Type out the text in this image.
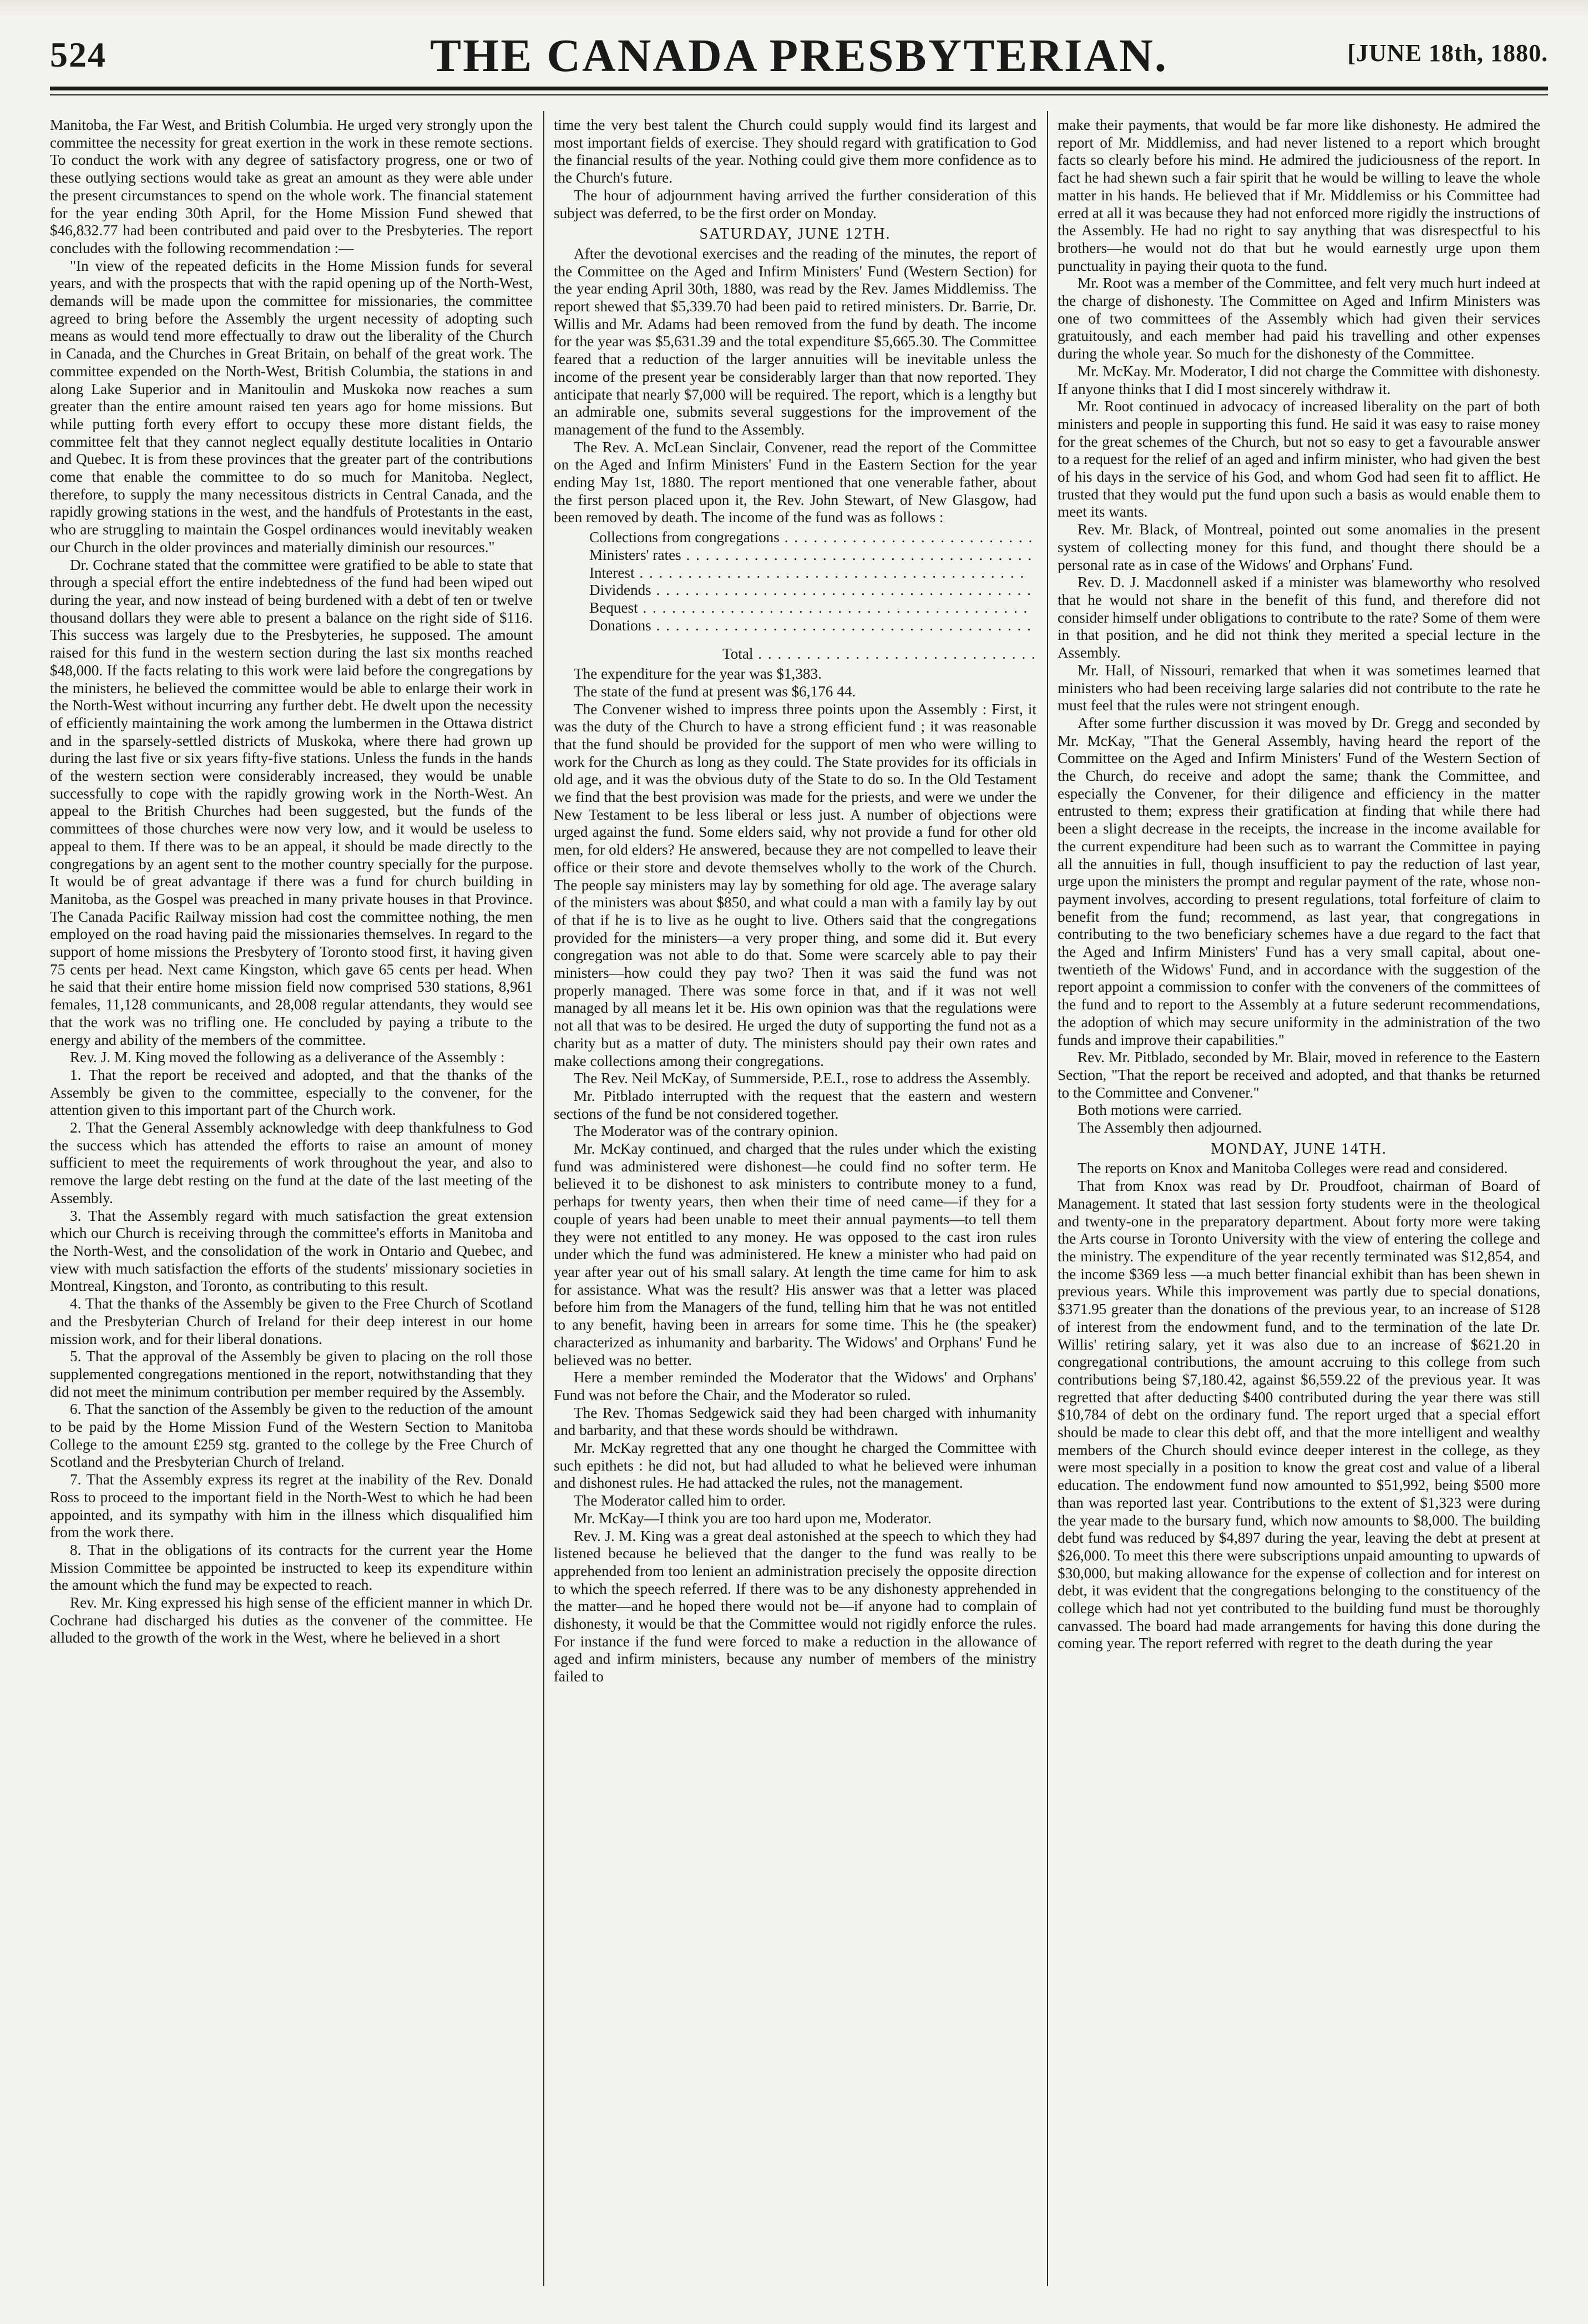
524	THE CANADA PRESBYTERIAN.	[JUNE 18th, 1880.

Manitoba, the Far West, and British Columbia. He urged very strongly upon the committee the necessity for great exertion in the work in these remote sections. To conduct the work with any degree of satisfactory progress, one or two of these outlying sections would take as great an amount as they were able under the present circumstances to spend on the whole work. The financial statement for the year ending 30th April, for the Home Mission Fund shewed that $46,832.77 had been contributed and paid over to the Presbyteries. The report concludes with the following recommendation :—

"In view of the repeated deficits in the Home Mission funds for several years, and with the prospects that with the rapid opening up of the North-West, demands will be made upon the committee for missionaries, the committee agreed to bring before the Assembly the urgent necessity of adopting such means as would tend more effectually to draw out the liberality of the Church in Canada, and the Churches in Great Britain, on behalf of the great work. The committee expended on the North-West, British Columbia, the stations in and along Lake Superior and in Manitoulin and Muskoka now reaches a sum greater than the entire amount raised ten years ago for home missions. But while putting forth every effort to occupy these more distant fields, the committee felt that they cannot neglect equally destitute localities in Ontario and Quebec. It is from these provinces that the greater part of the contributions come that enable the committee to do so much for Manitoba. Neglect, therefore, to supply the many necessitous districts in Central Canada, and the rapidly growing stations in the west, and the handfuls of Protestants in the east, who are struggling to maintain the Gospel ordinances would inevitably weaken our Church in the older provinces and materially diminish our resources."

Dr. Cochrane stated that the committee were gratified to be able to state that through a special effort the entire indebtedness of the fund had been wiped out during the year, and now instead of being burdened with a debt of ten or twelve thousand dollars they were able to present a balance on the right side of $116. This success was largely due to the Presbyteries, he supposed. The amount raised for this fund in the western section during the last six months reached $48,000. If the facts relating to this work were laid before the congregations by the ministers, he believed the committee would be able to enlarge their work in the North-West without incurring any further debt. He dwelt upon the necessity of efficiently maintaining the work among the lumbermen in the Ottawa district and in the sparsely-settled districts of Muskoka, where there had grown up during the last five or six years fifty-five stations. Unless the funds in the hands of the western section were considerably increased, they would be unable successfully to cope with the rapidly growing work in the North-West. An appeal to the British Churches had been suggested, but the funds of the committees of those churches were now very low, and it would be useless to appeal to them. If there was to be an appeal, it should be made directly to the congregations by an agent sent to the mother country specially for the purpose. It would be of great advantage if there was a fund for church building in Manitoba, as the Gospel was preached in many private houses in that Province. The Canada Pacific Railway mission had cost the committee nothing, the men employed on the road having paid the missionaries themselves. In regard to the support of home missions the Presbytery of Toronto stood first, it having given 75 cents per head. Next came Kingston, which gave 65 cents per head. When he said that their entire home mission field now comprised 530 stations, 8,961 females, 11,128 communicants, and 28,008 regular attendants, they would see that the work was no trifling one. He concluded by paying a tribute to the energy and ability of the members of the committee.

Rev. J. M. King moved the following as a deliverance of the Assembly :

1. That the report be received and adopted, and that the thanks of the Assembly be given to the committee, especially to the convener, for the attention given to this important part of the Church work.

2. That the General Assembly acknowledge with deep thankfulness to God the success which has attended the efforts to raise an amount of money sufficient to meet the requirements of work throughout the year, and also to remove the large debt resting on the fund at the date of the last meeting of the Assembly.

3. That the Assembly regard with much satisfaction the great extension which our Church is receiving through the committee's efforts in Manitoba and the North-West, and the consolidation of the work in Ontario and Quebec, and view with much satisfaction the efforts of the students' missionary societies in Montreal, Kingston, and Toronto, as contributing to this result.

4. That the thanks of the Assembly be given to the Free Church of Scotland and the Presbyterian Church of Ireland for their deep interest in our home mission work, and for their liberal donations.

5. That the approval of the Assembly be given to placing on the roll those supplemented congregations mentioned in the report, notwithstanding that they did not meet the minimum contribution per member required by the Assembly.

6. That the sanction of the Assembly be given to the reduction of the amount to be paid by the Home Mission Fund of the Western Section to Manitoba College to the amount £259 stg. granted to the college by the Free Church of Scotland and the Presbyterian Church of Ireland.

7. That the Assembly express its regret at the inability of the Rev. Donald Ross to proceed to the important field in the North-West to which he had been appointed, and its sympathy with him in the illness which disqualified him from the work there.

8. That in the obligations of its contracts for the current year the Home Mission Committee be appointed be instructed to keep its expenditure within the amount which the fund may be expected to reach.

Rev. Mr. King expressed his high sense of the efficient manner in which Dr. Cochrane had discharged his duties as the convener of the committee. He alluded to the growth of the work in the West, where he believed in a short

time the very best talent the Church could supply would find its largest and most important fields of exercise. They should regard with gratification to God the financial results of the year. Nothing could give them more confidence as to the Church's future.

The hour of adjournment having arrived the further consideration of this subject was deferred, to be the first order on Monday.

SATURDAY, JUNE 12TH.

After the devotional exercises and the reading of the minutes, the report of the Committee on the Aged and Infirm Ministers' Fund (Western Section) for the year ending April 30th, 1880, was read by the Rev. James Middlemiss. The report shewed that $5,339.70 had been paid to retired ministers. Dr. Barrie, Dr. Willis and Mr. Adams had been removed from the fund by death. The income for the year was $5,631.39 and the total expenditure $5,665.30. The Committee feared that a reduction of the larger annuities will be inevitable unless the income of the present year be considerably larger than that now reported. They anticipate that nearly $7,000 will be required. The report, which is a lengthy but an admirable one, submits several suggestions for the improvement of the management of the fund to the Assembly.

The Rev. A. McLean Sinclair, Convener, read the report of the Committee on the Aged and Infirm Ministers' Fund in the Eastern Section for the year ending May 1st, 1880. The report mentioned that one venerable father, about the first person placed upon it, the Rev. John Stewart, of New Glasgow, had been removed by death. The income of the fund was as follows :

Collections from congregations . . .	
Ministers' rates . . .	
Interest . . .	
Dividends . . .	
Bequest . . .	
Donations . . .	
Total . . .	

The expenditure for the year was $1,383.

The state of the fund at present was $6,176 44.

The Convener wished to impress three points upon the Assembly : First, it was the duty of the Church to have a strong efficient fund ; it was reasonable that the fund should be provided for the support of men who were willing to work for the Church as long as they could. The State provides for its officials in old age, and it was the obvious duty of the State to do so. In the Old Testament we find that the best provision was made for the priests, and were we under the New Testament to be less liberal or less just. A number of objections were urged against the fund. Some elders said, why not provide a fund for other old men, for old elders? He answered, because they are not compelled to leave their office or their store and devote themselves wholly to the work of the Church. The people say ministers may lay by something for old age. The average salary of the ministers was about $850, and what could a man with a family lay by out of that if he is to live as he ought to live. Others said that the congregations provided for the ministers—a very proper thing, and some did it. But every congregation was not able to do that. Some were scarcely able to pay their ministers—how could they pay two? Then it was said the fund was not properly managed. There was some force in that, and if it was not well managed by all means let it be. His own opinion was that the regulations were not all that was to be desired. He urged the duty of supporting the fund not as a charity but as a matter of duty. The ministers should pay their own rates and make collections among their congregations.

The Rev. Neil McKay, of Summerside, P.E.I., rose to address the Assembly.

Mr. Pitblado interrupted with the request that the eastern and western sections of the fund be not considered together.

The Moderator was of the contrary opinion.

Mr. McKay continued, and charged that the rules under which the existing fund was administered were dishonest—he could find no softer term. He believed it to be dishonest to ask ministers to contribute money to a fund, perhaps for twenty years, then when their time of need came—if they for a couple of years had been unable to meet their annual payments—to tell them they were not entitled to any money. He was opposed to the cast iron rules under which the fund was administered. He knew a minister who had paid on year after year out of his small salary. At length the time came for him to ask for assistance. What was the result? His answer was that a letter was placed before him from the Managers of the fund, telling him that he was not entitled to any benefit, having been in arrears for some time. This he (the speaker) characterized as inhumanity and barbarity. The Widows' and Orphans' Fund he believed was no better.

Here a member reminded the Moderator that the Widows' and Orphans' Fund was not before the Chair, and the Moderator so ruled.

The Rev. Thomas Sedgewick said they had been charged with inhumanity and barbarity, and that these words should be withdrawn.

Mr. McKay regretted that any one thought he charged the Committee with such epithets : he did not, but had alluded to what he believed were inhuman and dishonest rules. He had attacked the rules, not the management.

The Moderator called him to order.

Mr. McKay—I think you are too hard upon me, Moderator.

Rev. J. M. King was a great deal astonished at the speech to which they had listened because he believed that the danger to the fund was really to be apprehended from too lenient an administration precisely the opposite direction to which the speech referred. If there was to be any dishonesty apprehended in the matter—and he hoped there would not be—if anyone had to complain of dishonesty, it would be that the Committee would not rigidly enforce the rules. For instance if the fund were forced to make a reduction in the allowance of aged and infirm ministers, because any number of members of the ministry failed to

make their payments, that would be far more like dishonesty. He admired the report of Mr. Middlemiss, and had never listened to a report which brought facts so clearly before his mind. He admired the judiciousness of the report. In fact he had shewn such a fair spirit that he would be willing to leave the whole matter in his hands. He believed that if Mr. Middlemiss or his Committee had erred at all it was because they had not enforced more rigidly the instructions of the Assembly. He had no right to say anything that was disrespectful to his brothers—he would not do that but he would earnestly urge upon them punctuality in paying their quota to the fund.

Mr. Root was a member of the Committee, and felt very much hurt indeed at the charge of dishonesty. The Committee on Aged and Infirm Ministers was one of two committees of the Assembly which had given their services gratuitously, and each member had paid his travelling and other expenses during the whole year. So much for the dishonesty of the Committee.

Mr. McKay. Mr. Moderator, I did not charge the Committee with dishonesty. If anyone thinks that I did I most sincerely withdraw it.

Mr. Root continued in advocacy of increased liberality on the part of both ministers and people in supporting this fund. He said it was easy to raise money for the great schemes of the Church, but not so easy to get a favourable answer to a request for the relief of an aged and infirm minister, who had given the best of his days in the service of his God, and whom God had seen fit to afflict. He trusted that they would put the fund upon such a basis as would enable them to meet its wants.

Rev. Mr. Black, of Montreal, pointed out some anomalies in the present system of collecting money for this fund, and thought there should be a personal rate as in case of the Widows' and Orphans' Fund.

Rev. D. J. Macdonnell asked if a minister was blameworthy who resolved that he would not share in the benefit of this fund, and therefore did not consider himself under obligations to contribute to the rate? Some of them were in that position, and he did not think they merited a special lecture in the Assembly.

Mr. Hall, of Nissouri, remarked that when it was sometimes learned that ministers who had been receiving large salaries did not contribute to the rate he must feel that the rules were not stringent enough.

After some further discussion it was moved by Dr. Gregg and seconded by Mr. McKay, "That the General Assembly, having heard the report of the Committee on the Aged and Infirm Ministers' Fund of the Western Section of the Church, do receive and adopt the same; thank the Committee, and especially the Convener, for their diligence and efficiency in the matter entrusted to them; express their gratification at finding that while there had been a slight decrease in the receipts, the increase in the income available for the current expenditure had been such as to warrant the Committee in paying all the annuities in full, though insufficient to pay the reduction of last year, urge upon the ministers the prompt and regular payment of the rate, whose non-payment involves, according to present regulations, total forfeiture of claim to benefit from the fund; recommend, as last year, that congregations in contributing to the two beneficiary schemes have a due regard to the fact that the Aged and Infirm Ministers' Fund has a very small capital, about one-twentieth of the Widows' Fund, and in accordance with the suggestion of the report appoint a commission to confer with the conveners of the committees of the fund and to report to the Assembly at a future sederunt recommendations, the adoption of which may secure uniformity in the administration of the two funds and improve their capabilities."

Rev. Mr. Pitblado, seconded by Mr. Blair, moved in reference to the Eastern Section, "That the report be received and adopted, and that thanks be returned to the Committee and Convener."

Both motions were carried.

The Assembly then adjourned.

MONDAY, JUNE 14TH.

The reports on Knox and Manitoba Colleges were read and considered.

That from Knox was read by Dr. Proudfoot, chairman of Board of Management. It stated that last session forty students were in the theological and twenty-one in the preparatory department. About forty more were taking the Arts course in Toronto University with the view of entering the college and the ministry. The expenditure of the year recently terminated was $12,854, and the income $369 less —a much better financial exhibit than has been shewn in previous years. While this improvement was partly due to special donations, $371.95 greater than the donations of the previous year, to an increase of $128 of interest from the endowment fund, and to the termination of the late Dr. Willis' retiring salary, yet it was also due to an increase of $621.20 in congregational contributions, the amount accruing to this college from such contributions being $7,180.42, against $6,559.22 of the previous year. It was regretted that after deducting $400 contributed during the year there was still $10,784 of debt on the ordinary fund. The report urged that a special effort should be made to clear this debt off, and that the more intelligent and wealthy members of the Church should evince deeper interest in the college, as they were most specially in a position to know the great cost and value of a liberal education. The endowment fund now amounted to $51,992, being $500 more than was reported last year. Contributions to the extent of $1,323 were during the year made to the bursary fund, which now amounts to $8,000. The building debt fund was reduced by $4,897 during the year, leaving the debt at present at $26,000. To meet this there were subscriptions unpaid amounting to upwards of $30,000, but making allowance for the expense of collection and for interest on debt, it was evident that the congregations belonging to the constituency of the college which had not yet contributed to the building fund must be thoroughly canvassed. The board had made arrangements for having this done during the coming year. The report referred with regret to the death during the year
